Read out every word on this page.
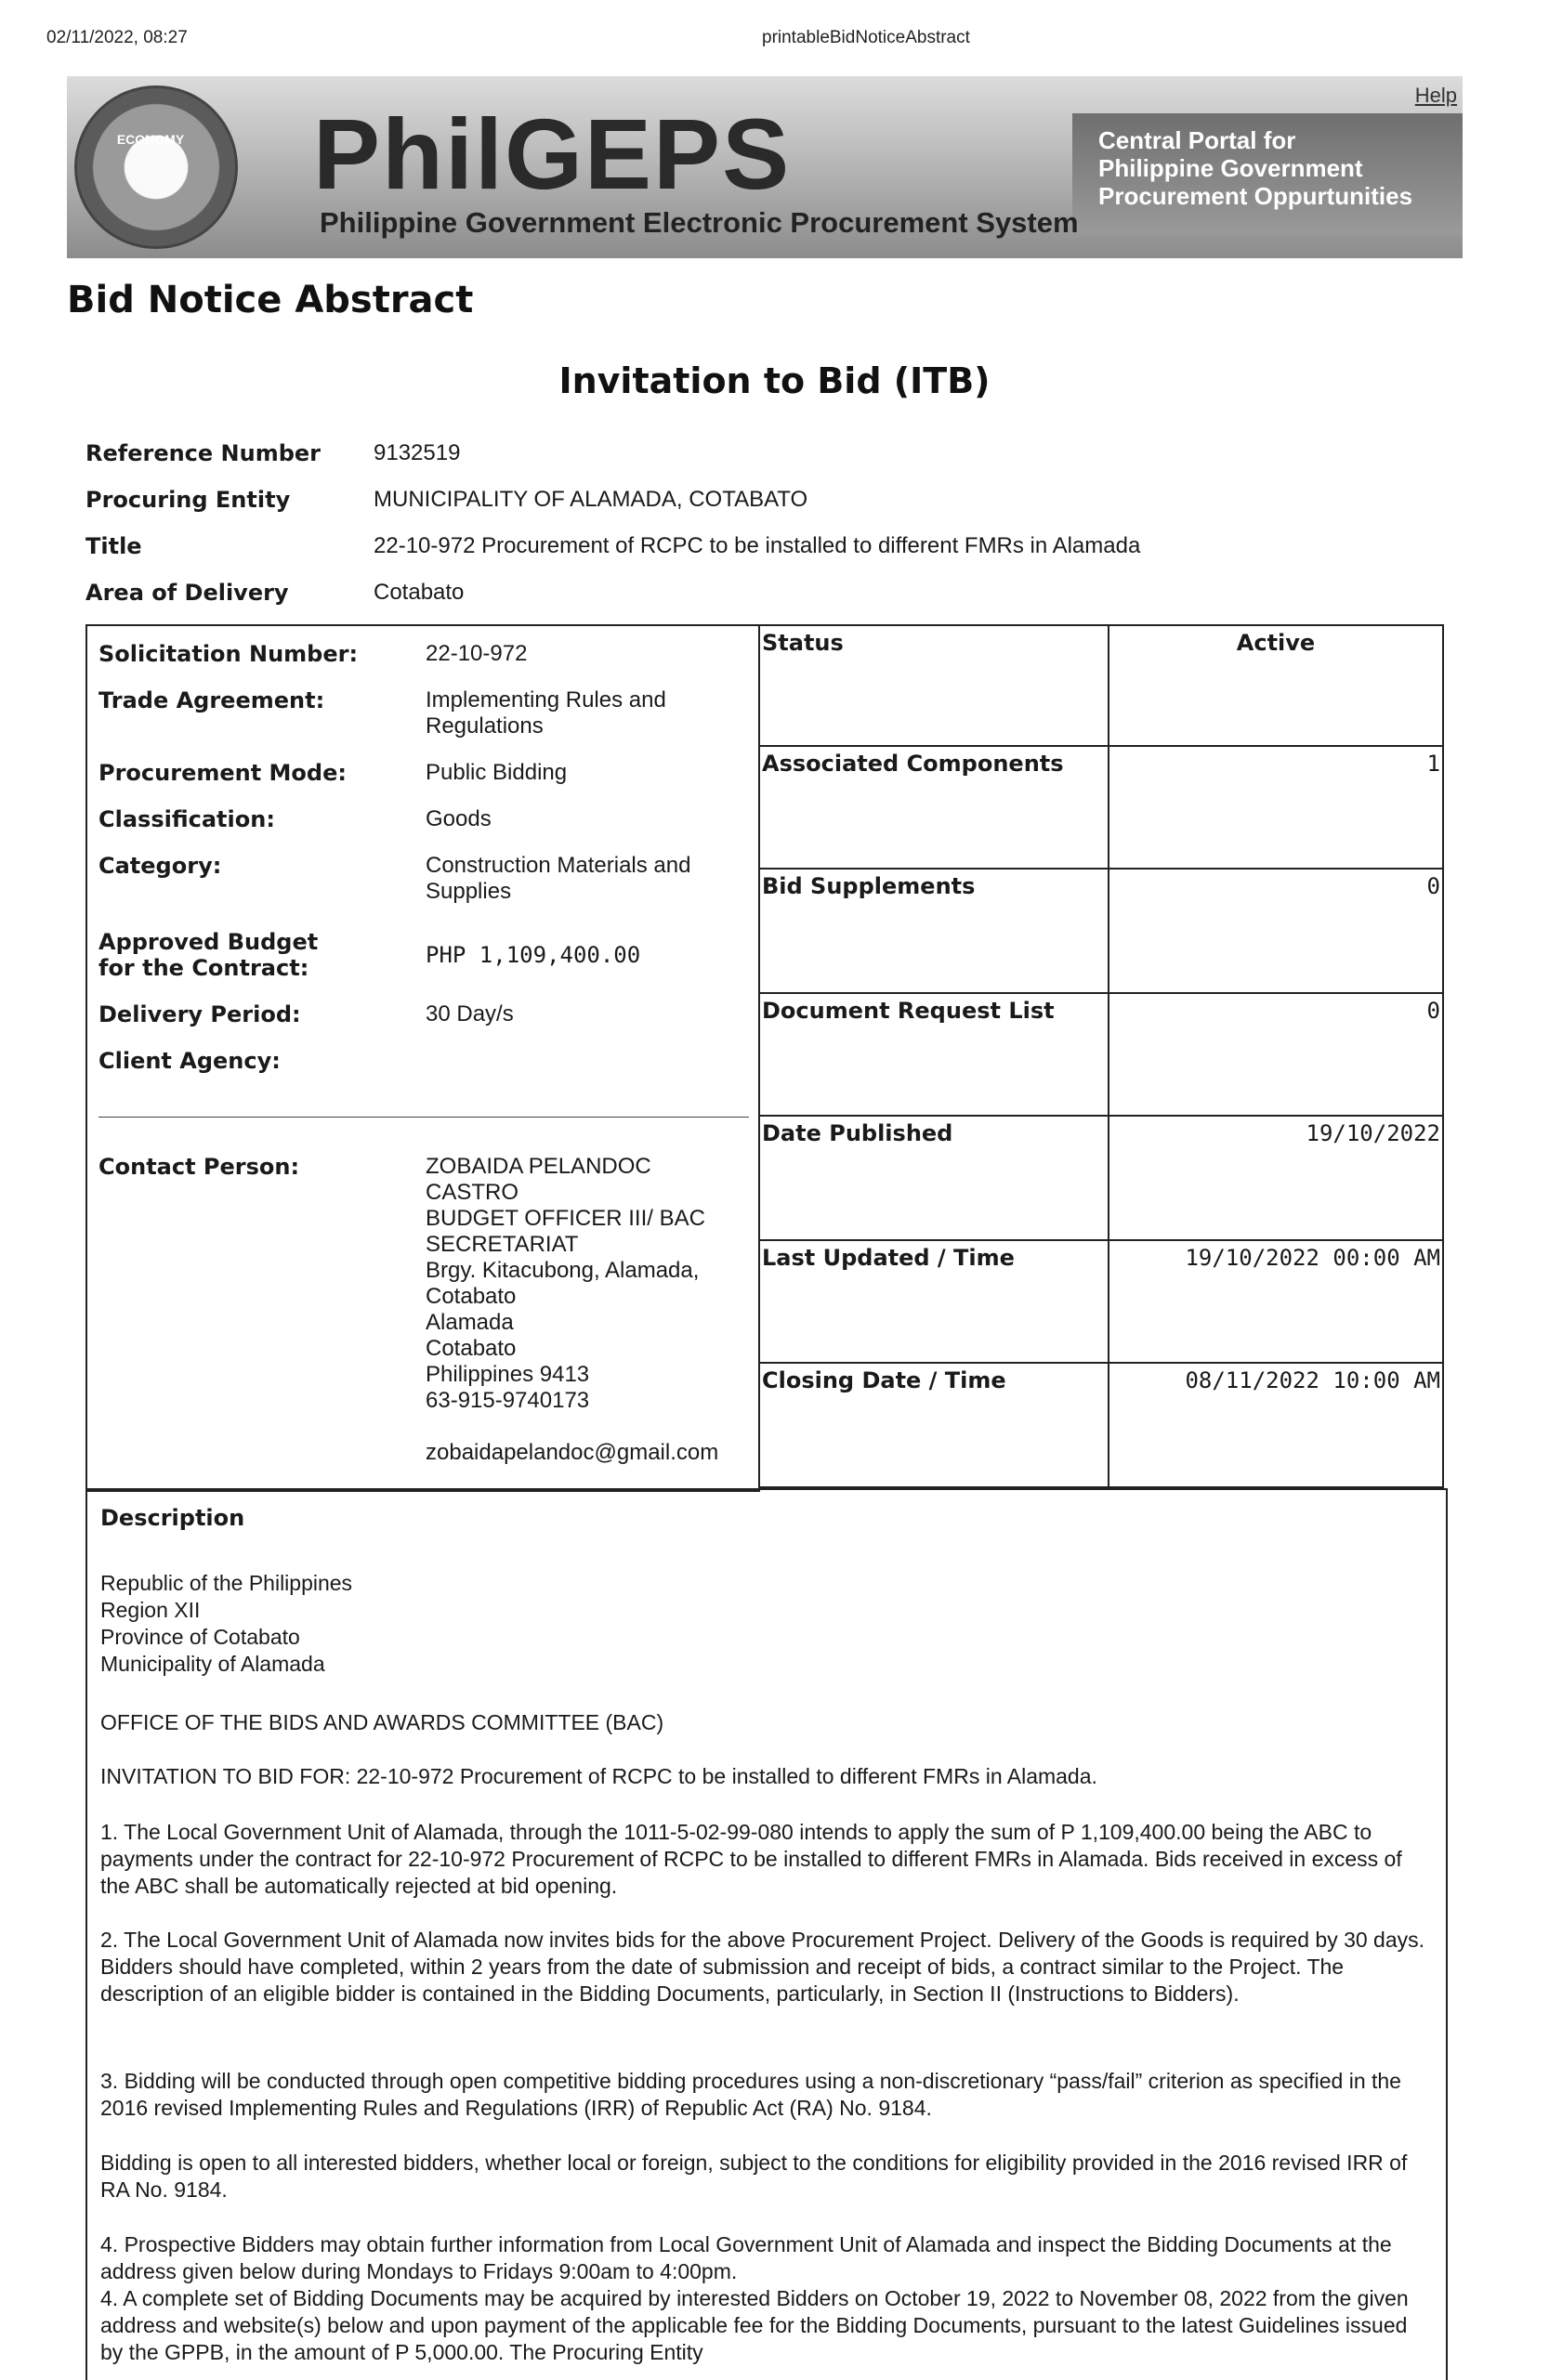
02/11/2022, 08:27	printableBidNoticeAbstract
ECONOMY PhilGEPS
Philippine Government Electronic Procurement System
Central Portal for
Philippine Government
Procurement Oppurtunities
Help
Bid Notice Abstract
Invitation to Bid (ITB)
Reference Number 9132519
Procuring Entity	MUNICIPALITY OF ALAMADA, COTABATO
Title	22-10-972 Procurement of RCPC to be installed to different FMRs in Alamada
Area of Delivery	Cotabato
Solicitation Number:	22-10-972
Trade Agreement:	Implementing Rules and Regulations
Procurement Mode:	Public Bidding
Classification:	Goods
Category:	Construction Materials and Supplies
Approved Budget for the Contract:	PHP 1,109,400.00
Delivery Period:	30 Day/s
Client Agency:
Contact Person:	ZOBAIDA PELANDOC
CASTRO
BUDGET OFFICER III/ BAC
SECRETARIAT
Brgy. Kitacubong, Alamada,
Cotabato
Alamada
Cotabato
Philippines 9413
63-915-9740173
zobaidapelandoc@gmail.com
Status	Active
Associated Components	1
Bid Supplements	0
Document Request List	0
Date Published	19/10/2022
Last Updated / Time	19/10/2022 00:00 AM
Closing Date / Time	08/11/2022 10:00 AM
Description
Republic of the Philippines
Region XII
Province of Cotabato
Municipality of Alamada
OFFICE OF THE BIDS AND AWARDS COMMITTEE (BAC)
INVITATION TO BID FOR: 22-10-972 Procurement of RCPC to be installed to different FMRs in Alamada.
1. The Local Government Unit of Alamada, through the 1011-5-02-99-080 intends to apply the sum of P 1,109,400.00 being the ABC to payments under the contract for 22-10-972 Procurement of RCPC to be installed to different FMRs in Alamada. Bids received in excess of the ABC shall be automatically rejected at bid opening.
2. The Local Government Unit of Alamada now invites bids for the above Procurement Project. Delivery of the Goods is required by 30 days. Bidders should have completed, within 2 years from the date of submission and receipt of bids, a contract similar to the Project. The description of an eligible bidder is contained in the Bidding Documents, particularly, in Section II (Instructions to Bidders).
3. Bidding will be conducted through open competitive bidding procedures using a non-discretionary “pass/fail” criterion as specified in the 2016 revised Implementing Rules and Regulations (IRR) of Republic Act (RA) No. 9184.
Bidding is open to all interested bidders, whether local or foreign, subject to the conditions for eligibility provided in the 2016 revised IRR of RA No. 9184.
4. Prospective Bidders may obtain further information from Local Government Unit of Alamada and inspect the Bidding Documents at the address given below during Mondays to Fridays 9:00am to 4:00pm.
4. A complete set of Bidding Documents may be acquired by interested Bidders on October 19, 2022 to November 08, 2022 from the given address and website(s) below and upon payment of the applicable fee for the Bidding Documents, pursuant to the latest Guidelines issued by the GPPB, in the amount of P 5,000.00. The Procuring Entity
